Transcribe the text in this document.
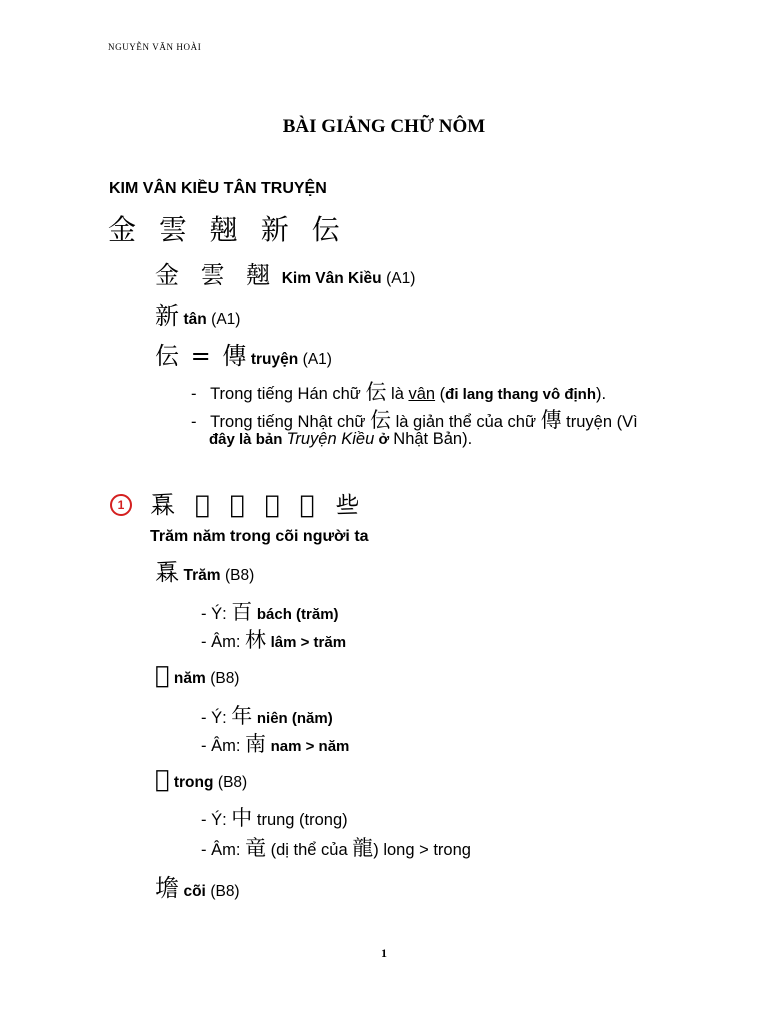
NGUYỄN VĂN HOÀI
BÀI GIẢNG CHỮ NÔM
KIM VÂN KIỀU TÂN TRUYỆN
金 雲 翹 新 伝
金 雲 翹 Kim Vân Kiều (A1)
新 tân (A1)
伝 = 傳 truyện (A1)
- Trong tiếng Hán chữ 伝 là vân (đi lang thang vô định).
- Trong tiếng Nhật chữ 伝 là giản thể của chữ 傳 truyện (Vì
đây là bản Truyện Kiều ở Nhật Bản).
1	𤾓 𢆥 𥪝 㙴 𠊛 些
Trăm năm trong cõi người ta
𤾓 Trăm (B8)
- Ý: 百 bách (trăm)
- Âm: 林 lâm > trăm
𢆥 năm (B8)
- Ý: 年 niên (năm)
- Âm: 南 nam > năm
𥪝 trong (B8)
- Ý: 中 trung (trong)
- Âm: 竜 (dị thể của 龍) long > trong
㙴 cõi (B8)
1
